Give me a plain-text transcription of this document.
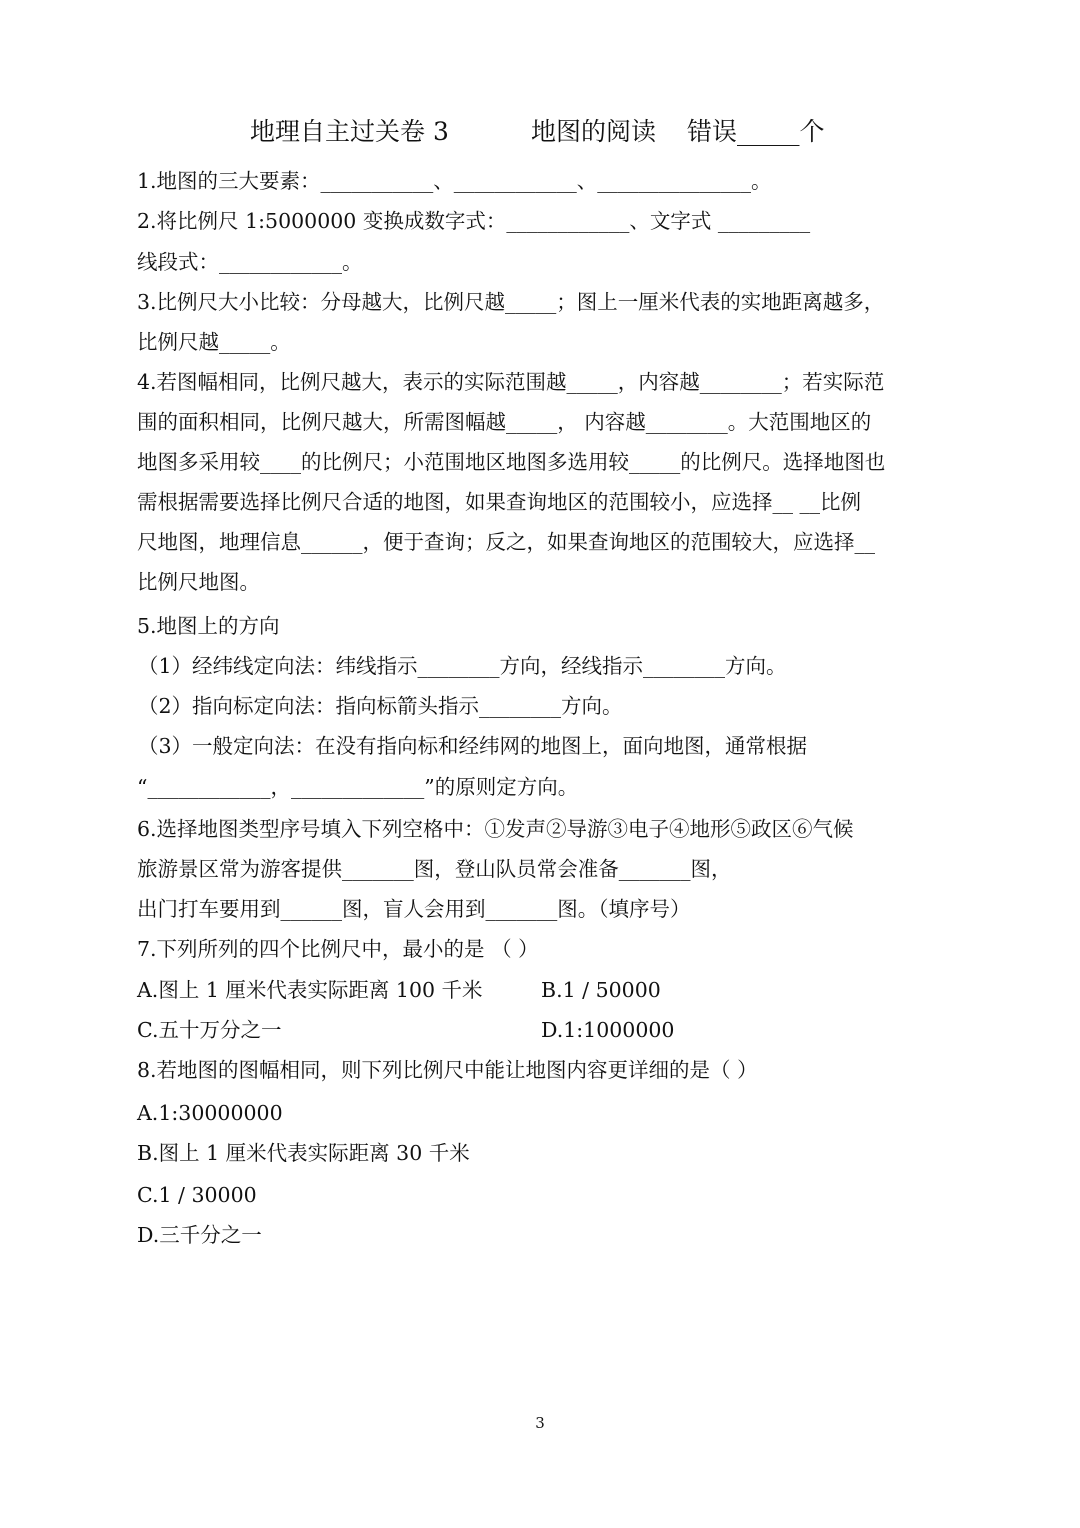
地理自主过关卷 3	地图的阅读 错误_____个
1.地图的三大要素：___________、____________、_______________。
2.将比例尺 1:5000000 变换成数字式：____________、文字式 _________
线段式：____________。
3.比例尺大小比较：分母越大，比例尺越_____；图上一厘米代表的实地距离越多，
比例尺越_____。
4.若图幅相同，比例尺越大，表示的实际范围越_____，内容越________；若实际范
围的面积相同，比例尺越大，所需图幅越_____， 内容越________。大范围地区的
地图多采用较____的比例尺；小范围地区地图多选用较_____的比例尺。选择地图也
需根据需要选择比例尺合适的地图，如果查询地区的范围较小，应选择__ __比例
尺地图，地理信息______，便于查询；反之，如果查询地区的范围较大，应选择__
比例尺地图。
5.地图上的方向
（1）经纬线定向法：纬线指示________方向，经线指示________方向。
（2）指向标定向法：指向标箭头指示________方向。
（3）一般定向法：在没有指向标和经纬网的地图上，面向地图，通常根据
“____________，_____________”的原则定方向。
6.选择地图类型序号填入下列空格中：①发声②导游③电子④地形⑤政区⑥气候
旅游景区常为游客提供_______图，登山队员常会准备_______图，
出门打车要用到______图，盲人会用到_______图。（填序号）
7.下列所列的四个比例尺中，最小的是 （ ）
A.图上 1 厘米代表实际距离 100 千米	B.1 / 50000
C.五十万分之一	D.1:1000000
8.若地图的图幅相同，则下列比例尺中能让地图内容更详细的是（ ）
A.1:30000000
B.图上 1 厘米代表实际距离 30 千米
C.1 / 30000
D.三千分之一
3
